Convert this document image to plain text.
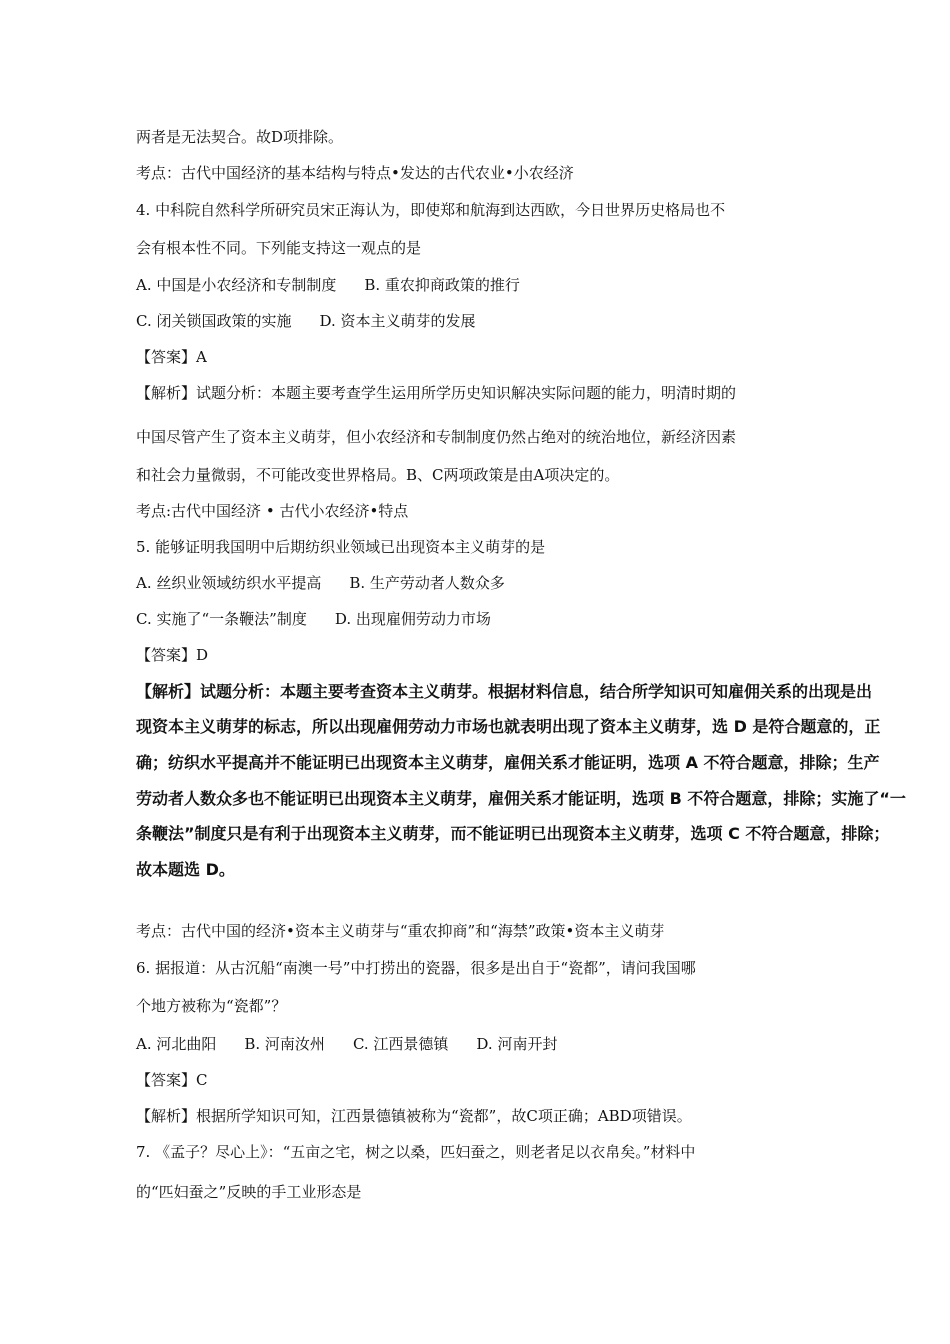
两者是无法契合。故D项排除。
考点：古代中国经济的基本结构与特点•发达的古代农业•小农经济
4. 中科院自然科学所研究员宋正海认为，即使郑和航海到达西欧，今日世界历史格局也不
会有根本性不同。下列能支持这一观点的是
A. 中国是小农经济和专制制度 B. 重农抑商政策的推行
C. 闭关锁国政策的实施 D. 资本主义萌芽的发展
【答案】A
【解析】试题分析：本题主要考查学生运用所学历史知识解决实际问题的能力，明清时期的
中国尽管产生了资本主义萌芽，但小农经济和专制制度仍然占绝对的统治地位，新经济因素
和社会力量微弱，不可能改变世界格局。B、C两项政策是由A项决定的。
考点:古代中国经济 • 古代小农经济•特点
5. 能够证明我国明中后期纺织业领域已出现资本主义萌芽的是
A. 丝织业领域纺织水平提高 B. 生产劳动者人数众多
C. 实施了“一条鞭法”制度 D. 出现雇佣劳动力市场
【答案】D
【解析】试题分析：本题主要考查资本主义萌芽。根据材料信息，结合所学知识可知雇佣关系的出现是出
现资本主义萌芽的标志，所以出现雇佣劳动力市场也就表明出现了资本主义萌芽，选 D 是符合题意的，正
确；纺织水平提高并不能证明已出现资本主义萌芽，雇佣关系才能证明，选项 A 不符合题意，排除；生产
劳动者人数众多也不能证明已出现资本主义萌芽，雇佣关系才能证明，选项 B 不符合题意，排除；实施了“一
条鞭法”制度只是有利于出现资本主义萌芽，而不能证明已出现资本主义萌芽，选项 C 不符合题意，排除；
故本题选 D。
考点：古代中国的经济•资本主义萌芽与“重农抑商”和“海禁”政策•资本主义萌芽
6. 据报道：从古沉船“南澳一号”中打捞出的瓷器，很多是出自于“瓷都”，请问我国哪
个地方被称为“瓷都”？
A. 河北曲阳 B. 河南汝州 C. 江西景德镇 D. 河南开封
【答案】C
【解析】根据所学知识可知，江西景德镇被称为“瓷都”，故C项正确；ABD项错误。
7. 《孟子？尽心上》：“五亩之宅，树之以桑，匹妇蚕之，则老者足以衣帛矣。”材料中
的“匹妇蚕之”反映的手工业形态是
